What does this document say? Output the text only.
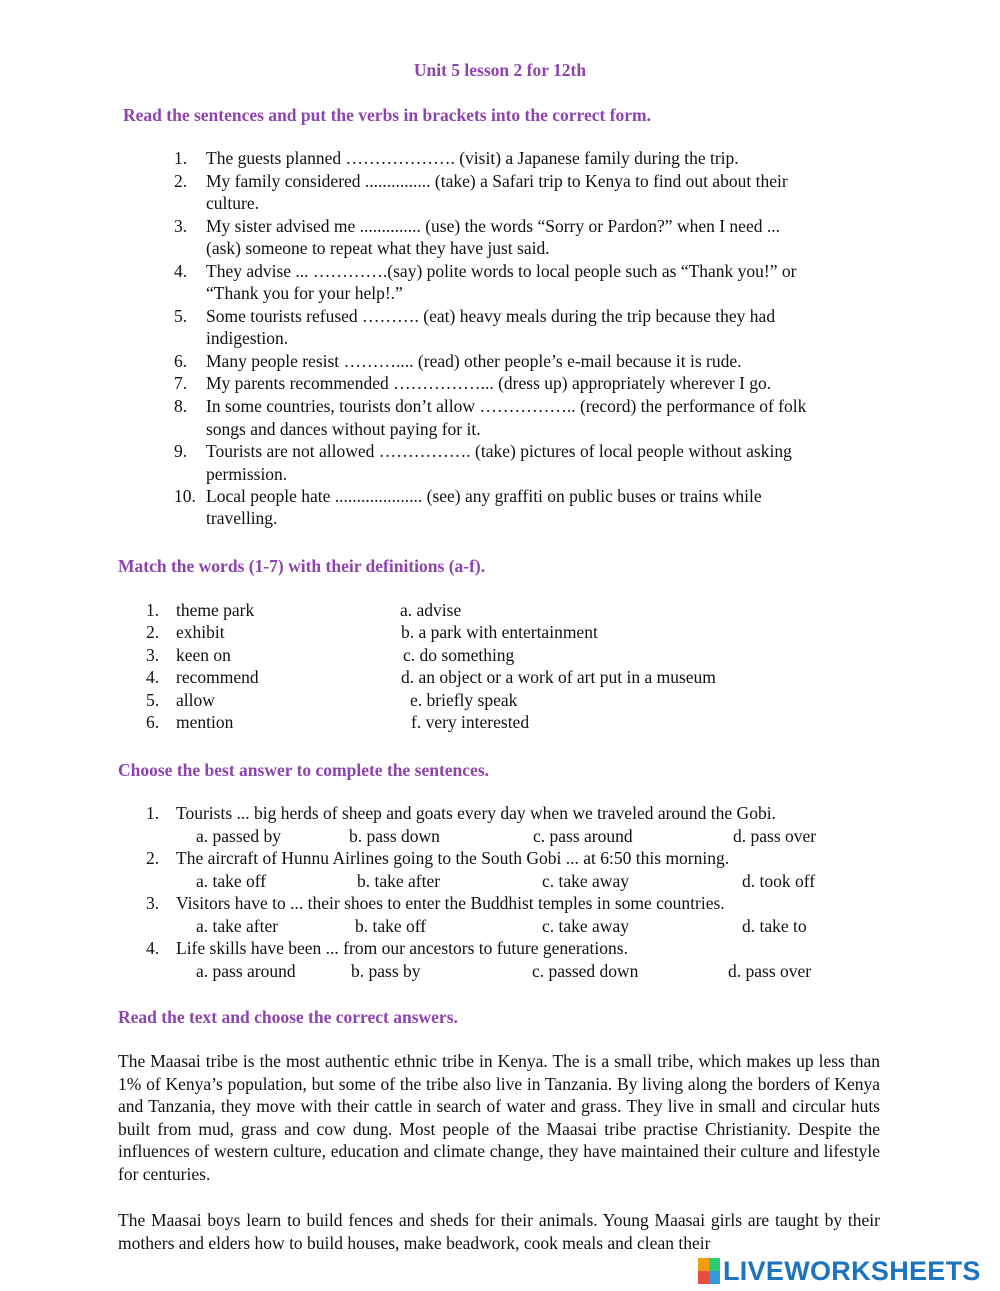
Unit 5 lesson 2 for 12th
Read the sentences and put the verbs in brackets into the correct form.
1. The guests planned ………………. (visit) a Japanese family during the trip.
2. My family considered ............... (take) a Safari trip to Kenya to find out about their
culture.
3. My sister advised me .............. (use) the words “Sorry or Pardon?” when I need ...
(ask) someone to repeat what they have just said.
4. They advise ... ………….(say) polite words to local people such as “Thank you!” or
“Thank you for your help!.”
5. Some tourists refused ………. (eat) heavy meals during the trip because they had
indigestion.
6. Many people resist ……….... (read) other people’s e-mail because it is rude.
7. My parents recommended ……………... (dress up) appropriately wherever I go.
8. In some countries, tourists don’t allow …………….. (record) the performance of folk
songs and dances without paying for it.
9. Tourists are not allowed ……………. (take) pictures of local people without asking
permission.
10. Local people hate .................... (see) any graffiti on public buses or trains while
travelling.
Match the words (1-7) with their definitions (a-f).
1. theme park	a. advise
2. exhibit	b. a park with entertainment
3. keen on	c. do something
4. recommend	d. an object or a work of art put in a museum
5. allow	e. briefly speak
6. mention	f. very interested
Choose the best answer to complete the sentences.
1. Tourists ... big herds of sheep and goats every day when we traveled around the Gobi.
a. passed by	b. pass down	c. pass around	d. pass over
2. The aircraft of Hunnu Airlines going to the South Gobi ... at 6:50 this morning.
a. take off	b. take after	c. take away	d. took off
3. Visitors have to ... their shoes to enter the Buddhist temples in some countries.
a. take after	b. take off	c. take away	d. take to
4. Life skills have been ... from our ancestors to future generations.
a. pass around	b. pass by	c. passed down	d. pass over
Read the text and choose the correct answers.
The Maasai tribe is the most authentic ethnic tribe in Kenya. The is a small tribe, which makes up less than 1% of Kenya’s population, but some of the tribe also live in Tanzania. By living along the borders of Kenya and Tanzania, they move with their cattle in search of water and grass. They live in small and circular huts built from mud, grass and cow dung. Most people of the Maasai tribe practise Christianity. Despite the influences of western culture, education and climate change, they have maintained their culture and lifestyle for centuries.
The Maasai boys learn to build fences and sheds for their animals. Young Maasai girls are taught by their mothers and elders how to build houses, make beadwork, cook meals and clean their
LIVEWORKSHEETS
